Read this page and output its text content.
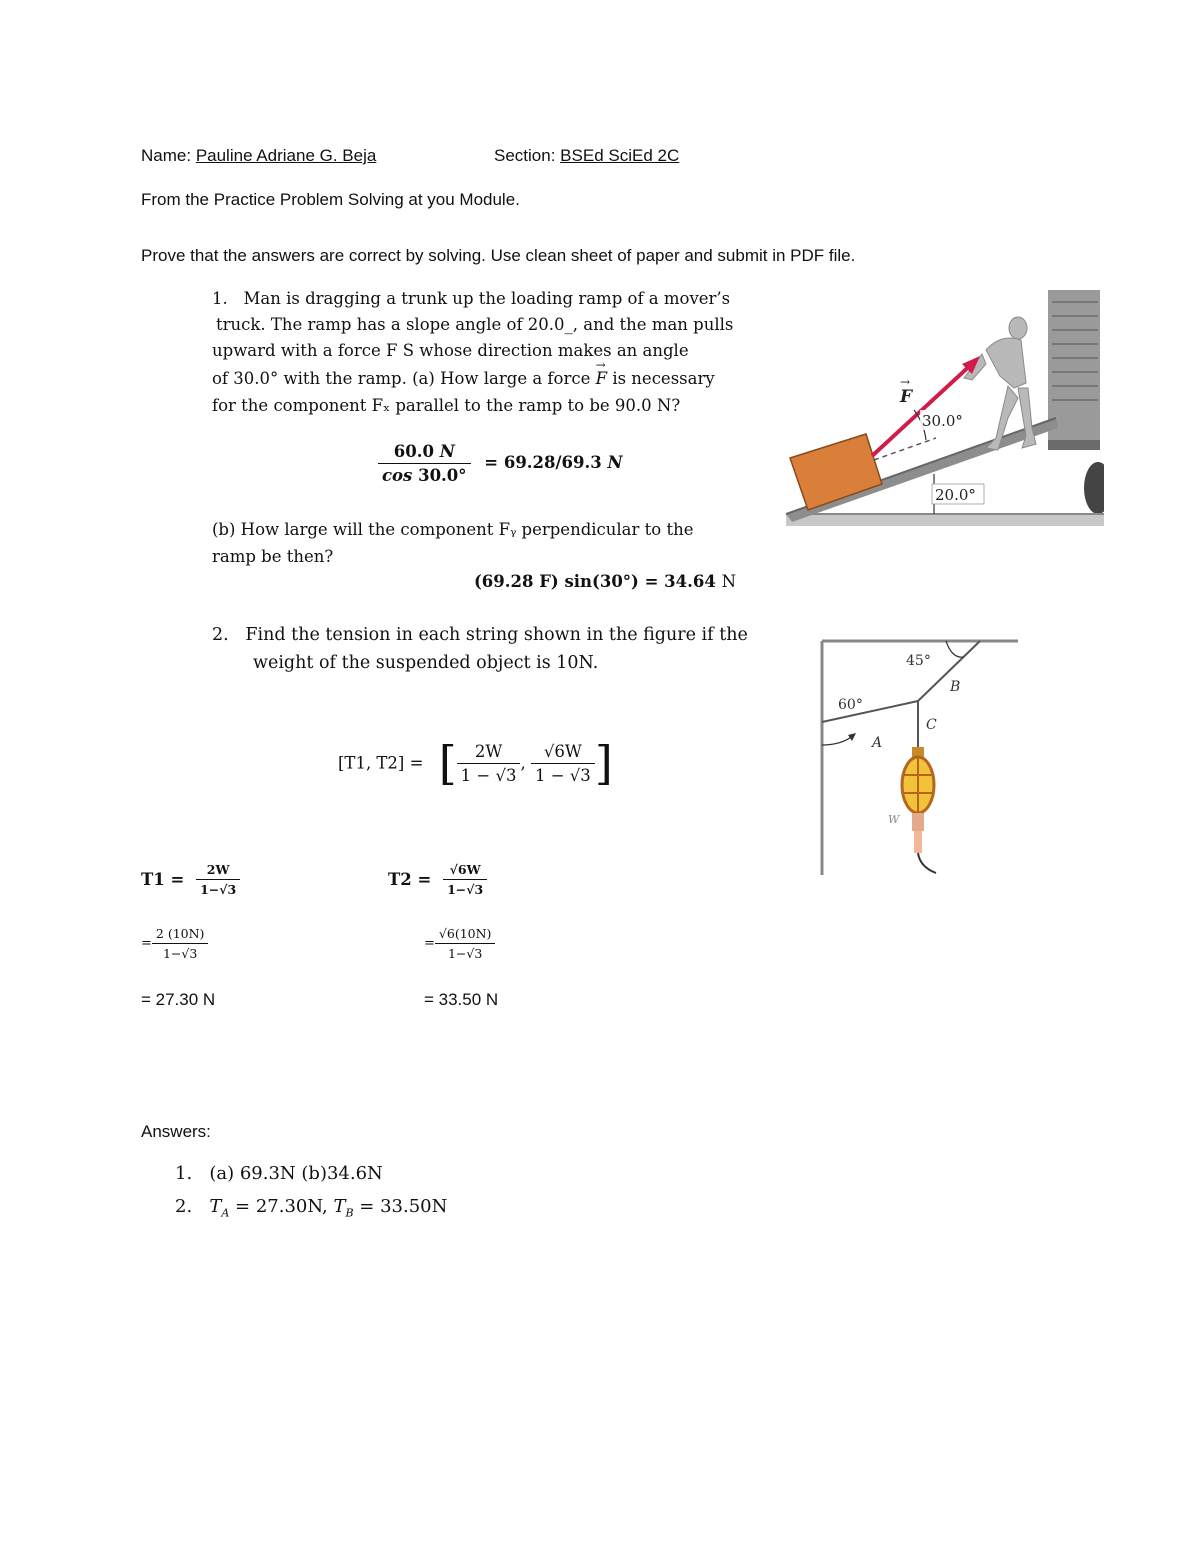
Name: Pauline Adriane G. Beja	Section: BSEd SciEd 2C
From the Practice Problem Solving at you Module.
Prove that the answers are correct by solving. Use clean sheet of paper and submit in PDF file.
1. Man is dragging a trunk up the loading ramp of a mover’s
truck. The ramp has a slope angle of 20.0_, and the man pulls
upward with a force F S whose direction makes an angle
of 30.0° with the ramp. (a) How large a force
→
F is necessary
for the component Fₓ parallel to the ramp to be 90.0 N?
$\frac{60.0 N}{\cos 30.0^\circ} = 69.28/69.3$ N
(b) How large will the component Fᵧ perpendicular to the
ramp be then?
(69.28 F) sin(30°) = 34.64 N
F
→
30.0°
20.0°
2. Find the tension in each string shown in the figure if the
weight of the suspended object is 10N.
[T1, T2] = [ $\frac{2W}{1 - √3}$ , $\frac{√6W}{1 - √3}$ ]
60°
45°
A
B
C
W
$T1 = \frac{2W}{1-√3}$	$T2 = \frac{√6W}{1-√3}$
= $\frac{2 (10N)}{1-√3}$	= $\frac{√6(10N)}{1-√3}$
= 27.30 N	= 33.50 N
Answers:
1. (a) 69.3N (b)34.6N
2. $T_A = 27.30N$, $T_B = 33.50N$
